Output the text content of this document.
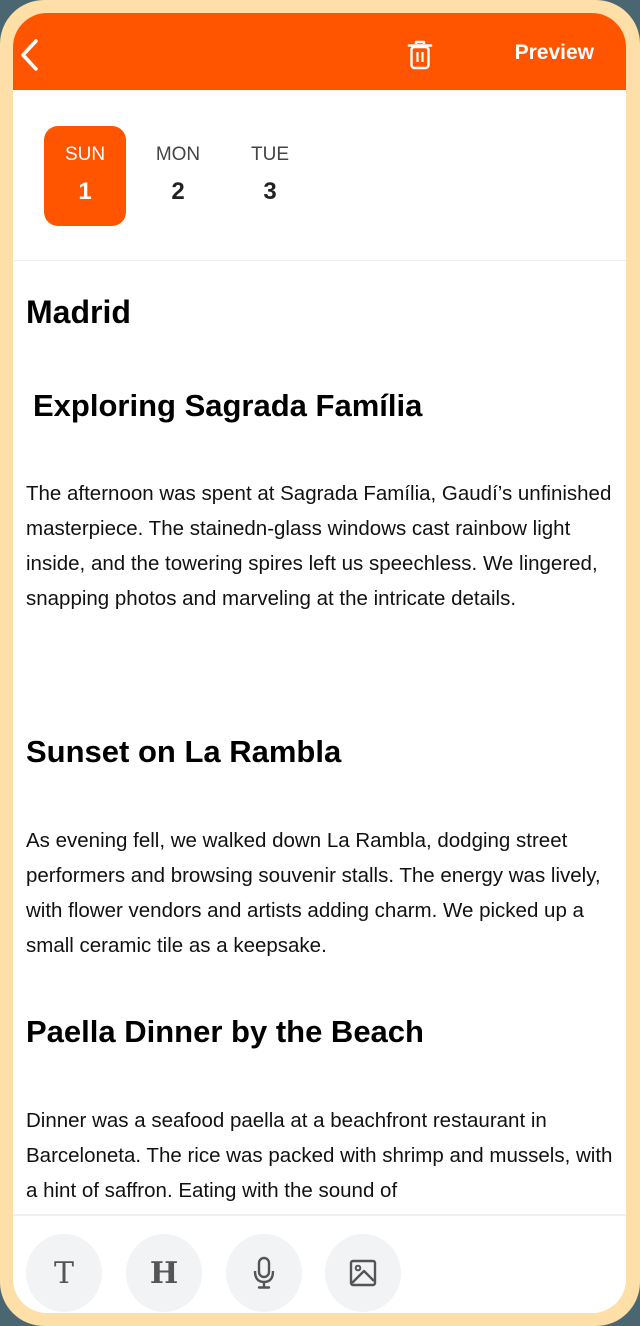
Preview
SUN
1
MON
2
TUE
3
Madrid
Exploring Sagrada Família

The afternoon was spent at Sagrada Família, Gaudí’s unfinished masterpiece. The stainedn-glass windows cast rainbow light inside, and the towering spires left us speechless. We lingered, snapping photos and marveling at the intricate details.

Sunset on La Rambla

As evening fell, we walked down La Rambla, dodging street performers and browsing souvenir stalls. The energy was lively, with flower vendors and artists adding charm. We picked up a small ceramic tile as a keepsake.

Paella Dinner by the Beach

Dinner was a seafood paella at a beachfront restaurant in Barceloneta. The rice was packed with shrimp and mussels, with a hint of saffron. Eating with the sound of

T	H
